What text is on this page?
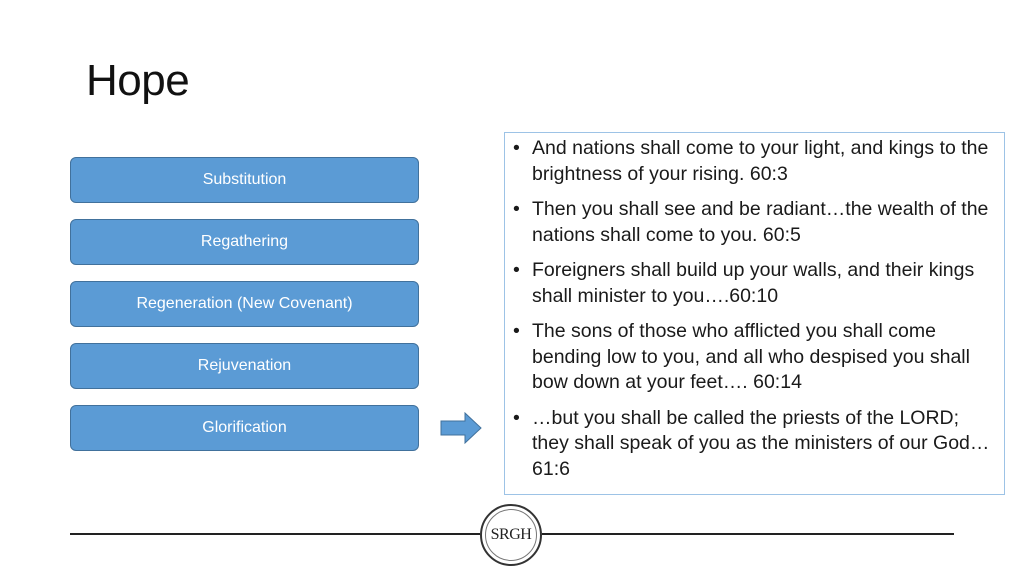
Hope
Substitution
Regathering
Regeneration (New Covenant)
Rejuvenation
Glorification
• And nations shall come to your light, and kings to the brightness of your rising. 60:3
• Then you shall see and be radiant…the wealth of the nations shall come to you. 60:5
• Foreigners shall build up your walls, and their kings shall minister to you….60:10
• The sons of those who afflicted you shall come bending low to you, and all who despised you shall bow down at your feet…. 60:14
• …but you shall be called the priests of the LORD; they shall speak of you as the ministers of our God…61:6
SRGH
